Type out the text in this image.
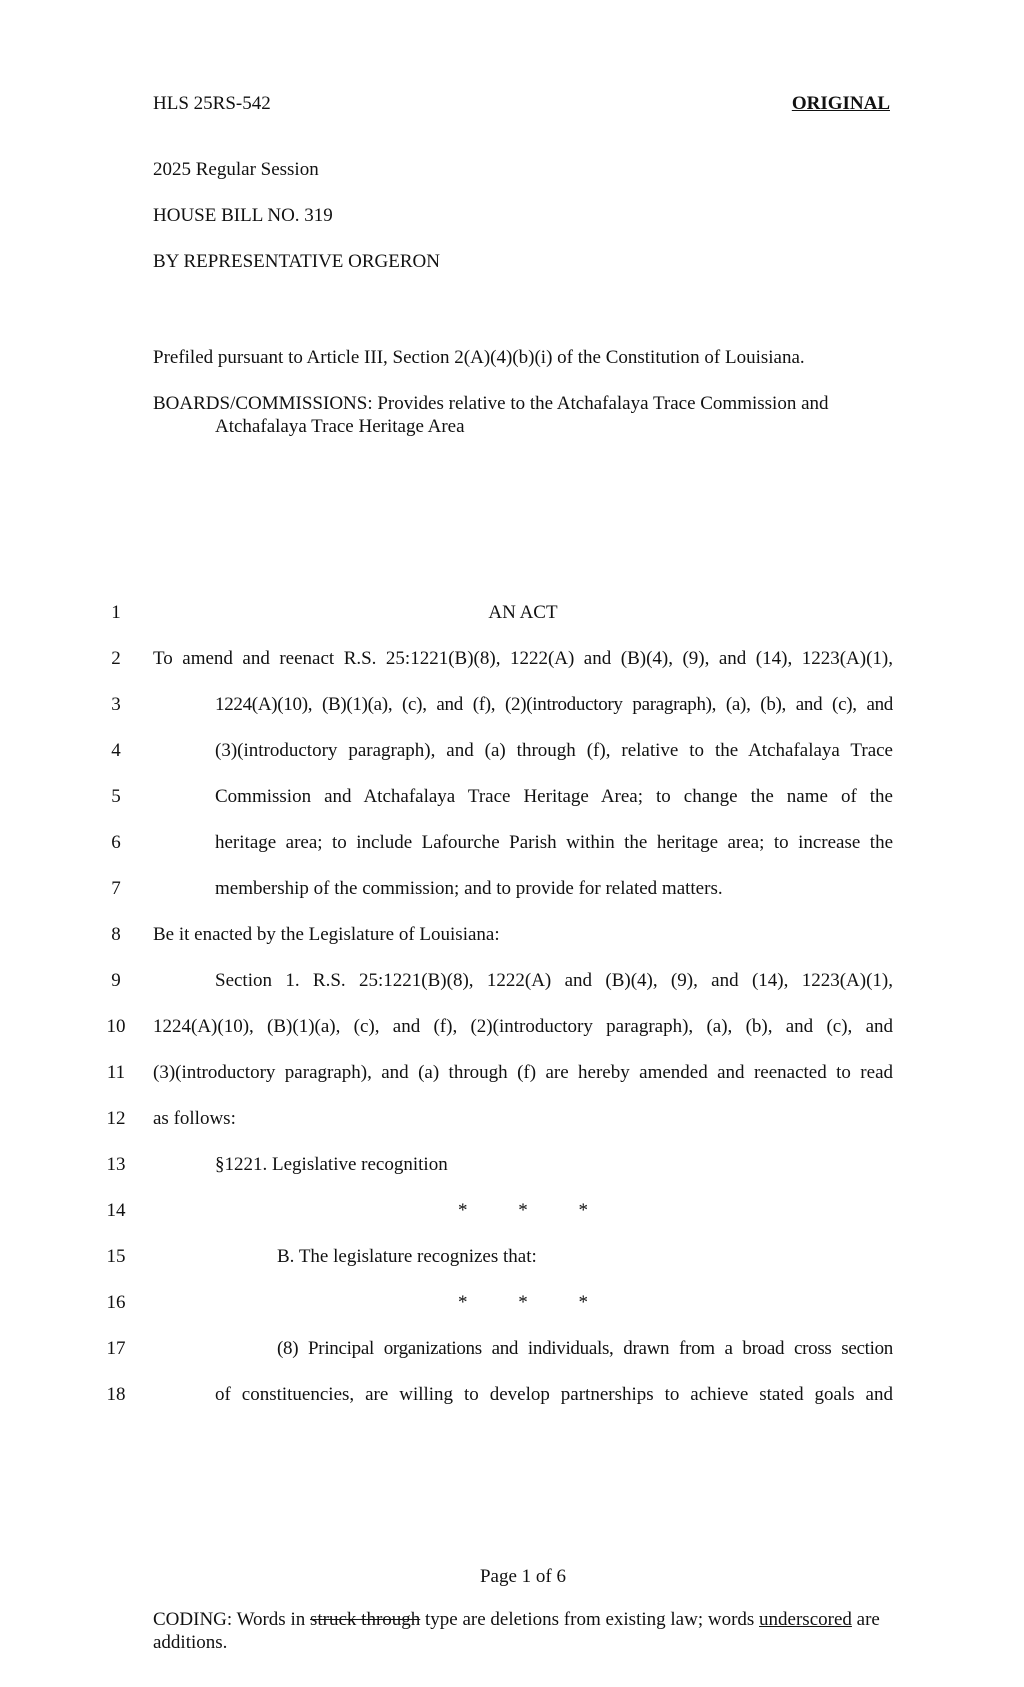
HLS 25RS-542	ORIGINAL
2025 Regular Session
HOUSE BILL NO. 319
BY REPRESENTATIVE ORGERON
Prefiled pursuant to Article III, Section 2(A)(4)(b)(i) of the Constitution of Louisiana.
BOARDS/COMMISSIONS: Provides relative to the Atchafalaya Trace Commission and
Atchafalaya Trace Heritage Area
1	AN ACT
2	To amend and reenact R.S. 25:1221(B)(8), 1222(A) and (B)(4), (9), and (14), 1223(A)(1),
3	1224(A)(10), (B)(1)(a), (c), and (f), (2)(introductory paragraph), (a), (b), and (c), and
4	(3)(introductory paragraph), and (a) through (f), relative to the Atchafalaya Trace
5	Commission and Atchafalaya Trace Heritage Area; to change the name of the
6	heritage area; to include Lafourche Parish within the heritage area; to increase the
7	membership of the commission; and to provide for related matters.
8	Be it enacted by the Legislature of Louisiana:
9	Section 1. R.S. 25:1221(B)(8), 1222(A) and (B)(4), (9), and (14), 1223(A)(1),
10	1224(A)(10), (B)(1)(a), (c), and (f), (2)(introductory paragraph), (a), (b), and (c), and
11	(3)(introductory paragraph), and (a) through (f) are hereby amended and reenacted to read
12	as follows:
13	§1221. Legislative recognition
14	* * *
15	B. The legislature recognizes that:
16	* * *
17	(8) Principal organizations and individuals, drawn from a broad cross section
18	of constituencies, are willing to develop partnerships to achieve stated goals and
Page 1 of 6
CODING: Words in struck through type are deletions from existing law; words underscored are additions.
